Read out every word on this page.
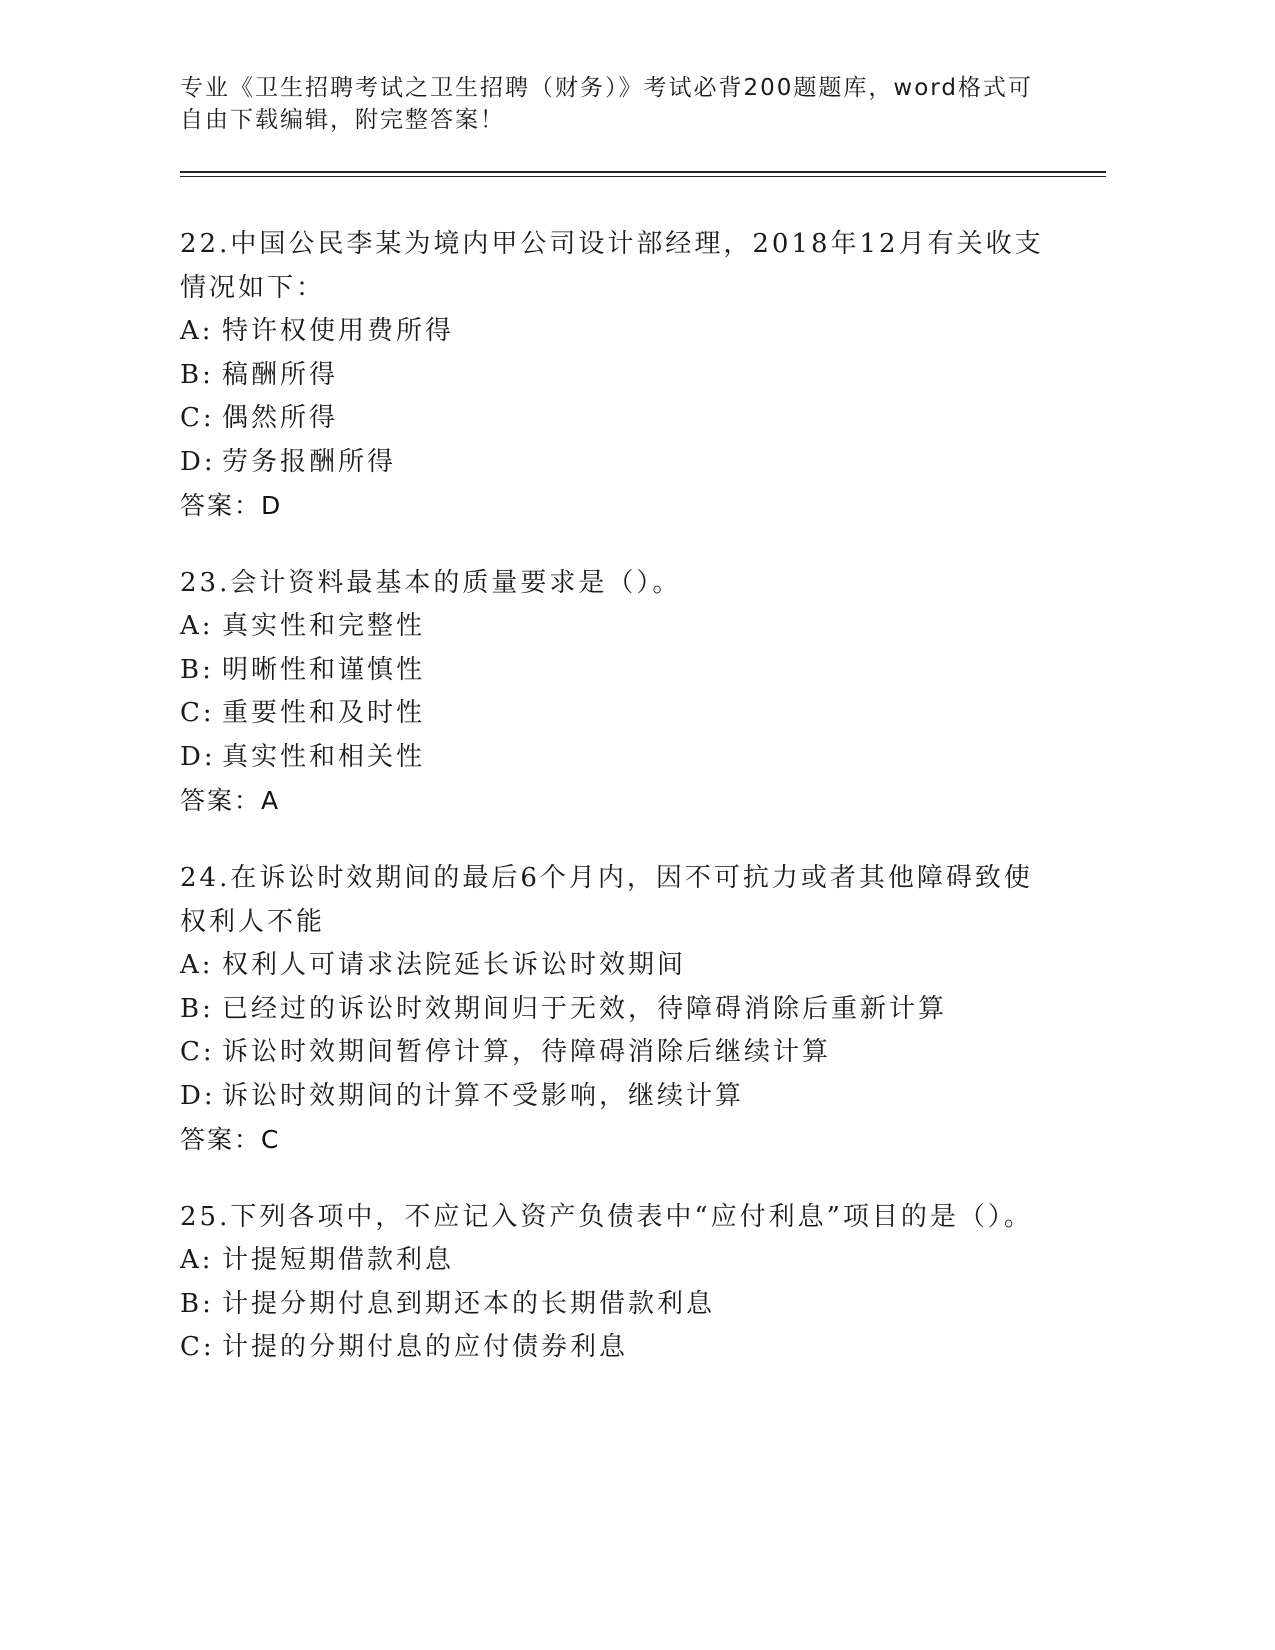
专业《卫生招聘考试之卫生招聘（财务）》考试必背200题题库，word格式可自由下载编辑，附完整答案！

22.中国公民李某为境内甲公司设计部经理，2018年12月有关收支情况如下：

A: 特许权使用费所得

B: 稿酬所得

C: 偶然所得

D: 劳务报酬所得

答案：D

23.会计资料最基本的质量要求是（）。

A: 真实性和完整性

B: 明晰性和谨慎性

C: 重要性和及时性

D: 真实性和相关性

答案：A

24.在诉讼时效期间的最后6个月内，因不可抗力或者其他障碍致使权利人不能

A: 权利人可请求法院延长诉讼时效期间

B: 已经过的诉讼时效期间归于无效，待障碍消除后重新计算

C: 诉讼时效期间暂停计算，待障碍消除后继续计算

D: 诉讼时效期间的计算不受影响，继续计算

答案：C

25.下列各项中，不应记入资产负债表中“应付利息”项目的是（）。

A: 计提短期借款利息

B: 计提分期付息到期还本的长期借款利息

C: 计提的分期付息的应付债券利息
